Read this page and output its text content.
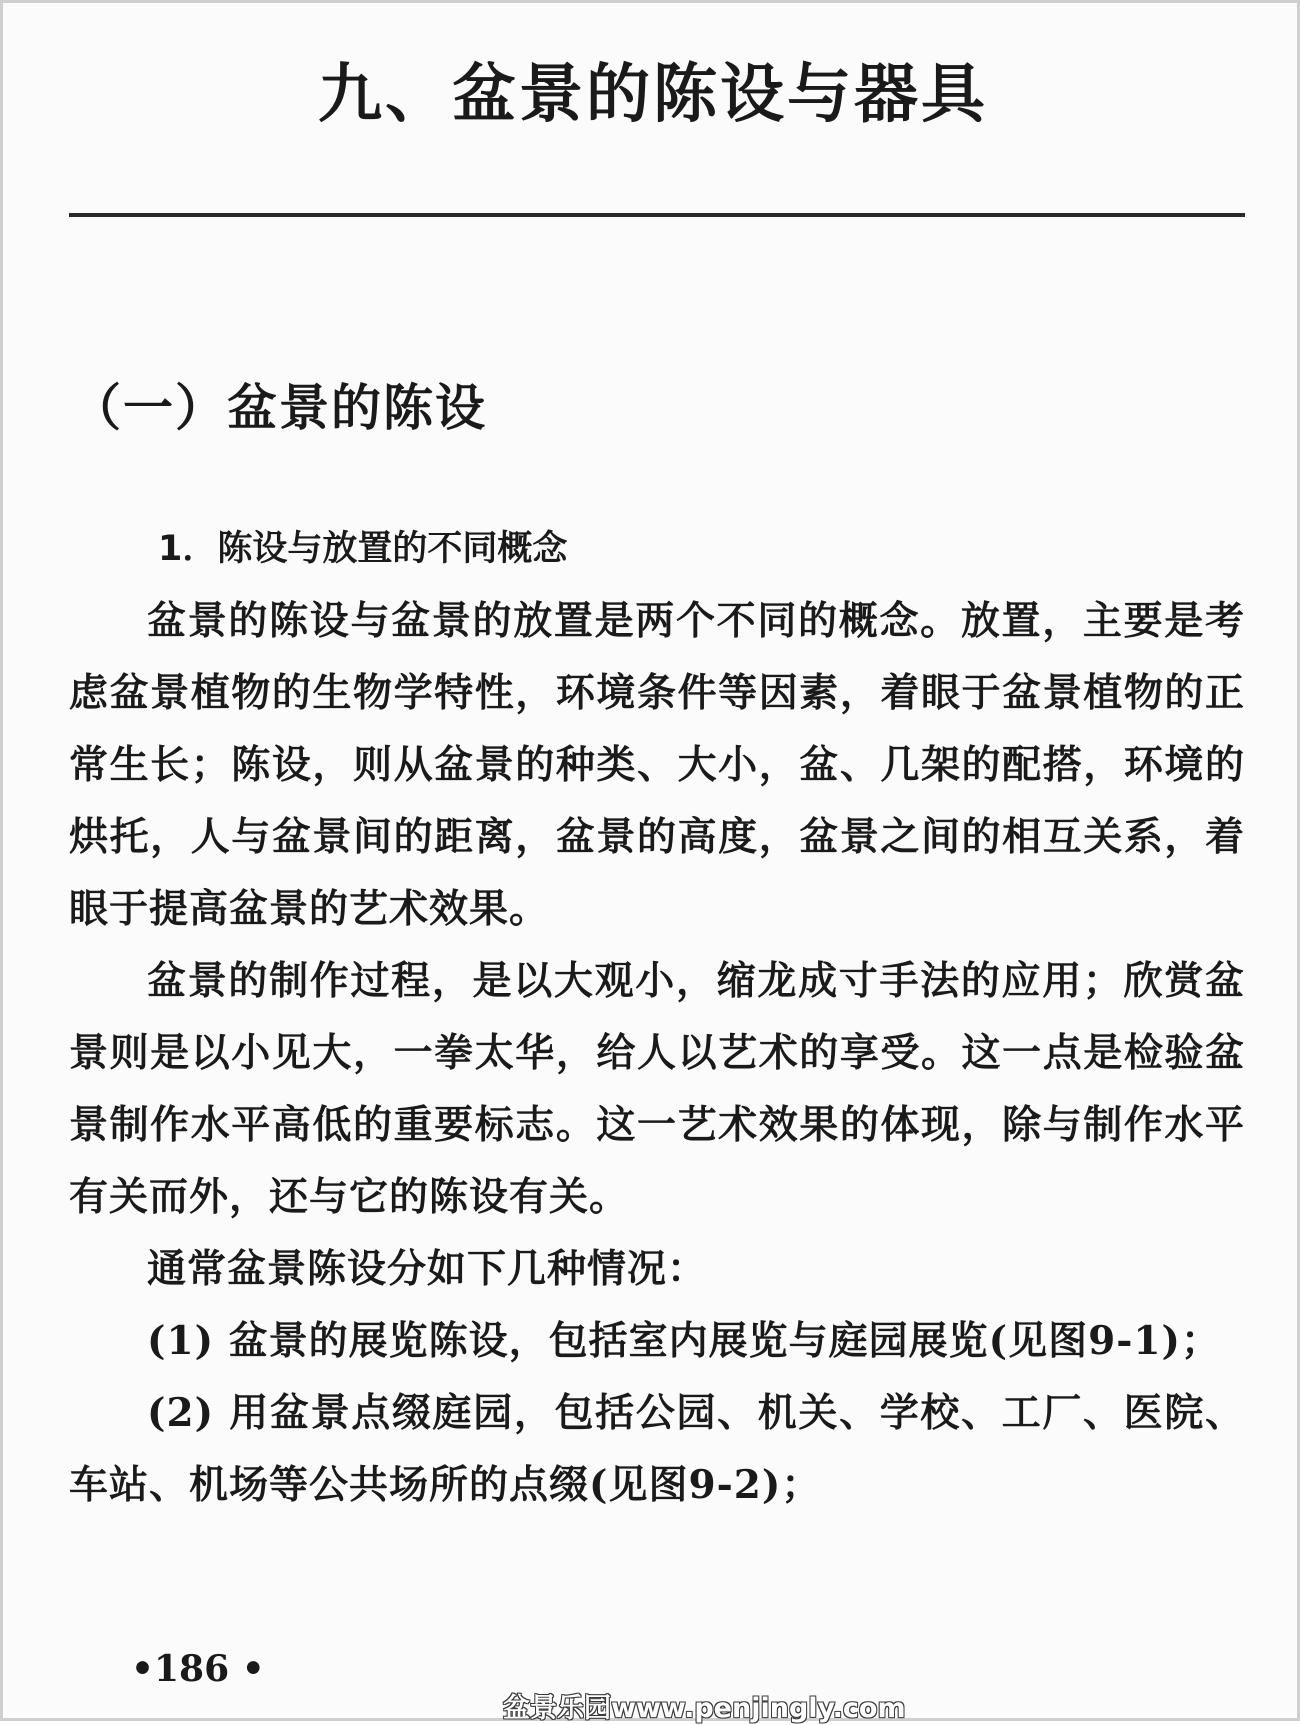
九、盆景的陈设与器具
（一）盆景的陈设
1．陈设与放置的不同概念

盆景的陈设与盆景的放置是两个不同的概念。放置，主要是考虑盆景植物的生物学特性，环境条件等因素，着眼于盆景植物的正常生长；陈设，则从盆景的种类、大小，盆、几架的配搭，环境的烘托，人与盆景间的距离，盆景的高度，盆景之间的相互关系，着眼于提高盆景的艺术效果。

盆景的制作过程，是以大观小，缩龙成寸手法的应用；欣赏盆景则是以小见大，一拳太华，给人以艺术的享受。这一点是检验盆景制作水平高低的重要标志。这一艺术效果的体现，除与制作水平有关而外，还与它的陈设有关。

通常盆景陈设分如下几种情况：

(1) 盆景的展览陈设，包括室内展览与庭园展览(见图9-1)；

(2) 用盆景点缀庭园，包括公园、机关、学校、工厂、医院、车站、机场等公共场所的点缀(见图9-2)；

•186 •
盆景乐园www.penjingly.com
